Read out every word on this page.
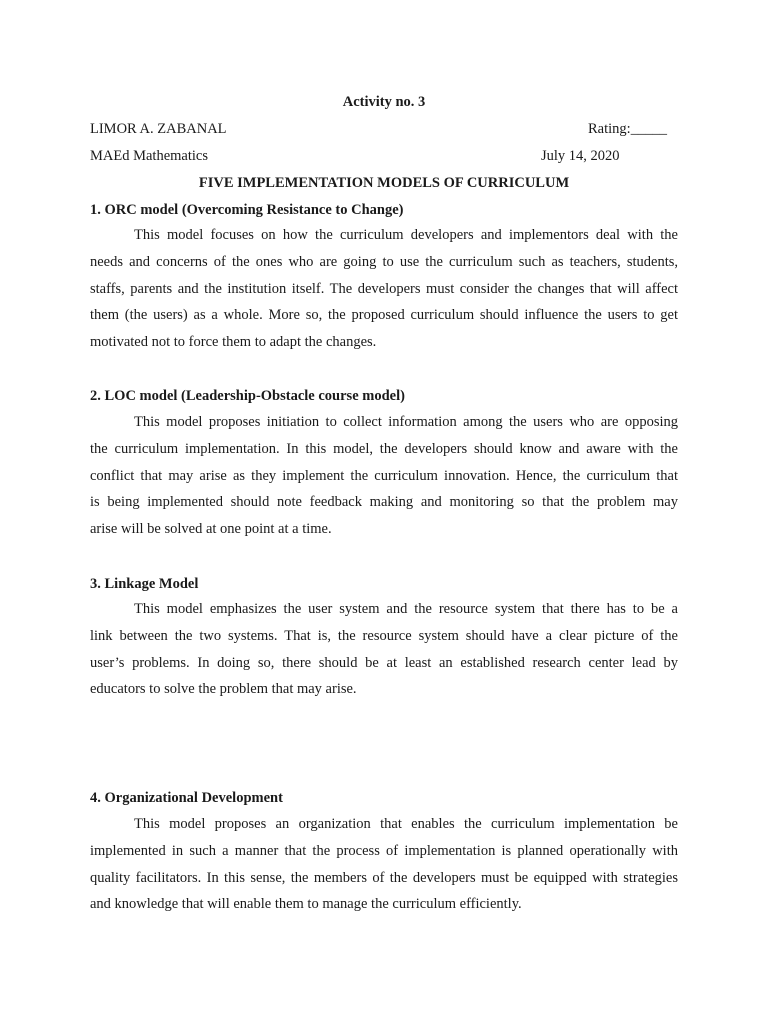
Activity no. 3
LIMOR A. ZABANAL	Rating:_____
MAEd Mathematics	July 14, 2020
FIVE IMPLEMENTATION MODELS OF CURRICULUM
1. ORC model (Overcoming Resistance to Change)
This model focuses on how the curriculum developers and implementors deal with the
needs and concerns of the ones who are going to use the curriculum such as teachers, students,
staffs, parents and the institution itself. The developers must consider the changes that will affect
them (the users) as a whole. More so, the proposed curriculum should influence the users to get
motivated not to force them to adapt the changes.
2. LOC model (Leadership-Obstacle course model)
This model proposes initiation to collect information among the users who are opposing
the curriculum implementation. In this model, the developers should know and aware with the
conflict that may arise as they implement the curriculum innovation. Hence, the curriculum that
is being implemented should note feedback making and monitoring so that the problem may
arise will be solved at one point at a time.
3. Linkage Model
This model emphasizes the user system and the resource system that there has to be a
link between the two systems. That is, the resource system should have a clear picture of the
user’s problems. In doing so, there should be at least an established research center lead by
educators to solve the problem that may arise.
4. Organizational Development
This model proposes an organization that enables the curriculum implementation be
implemented in such a manner that the process of implementation is planned operationally with
quality facilitators. In this sense, the members of the developers must be equipped with strategies
and knowledge that will enable them to manage the curriculum efficiently.
